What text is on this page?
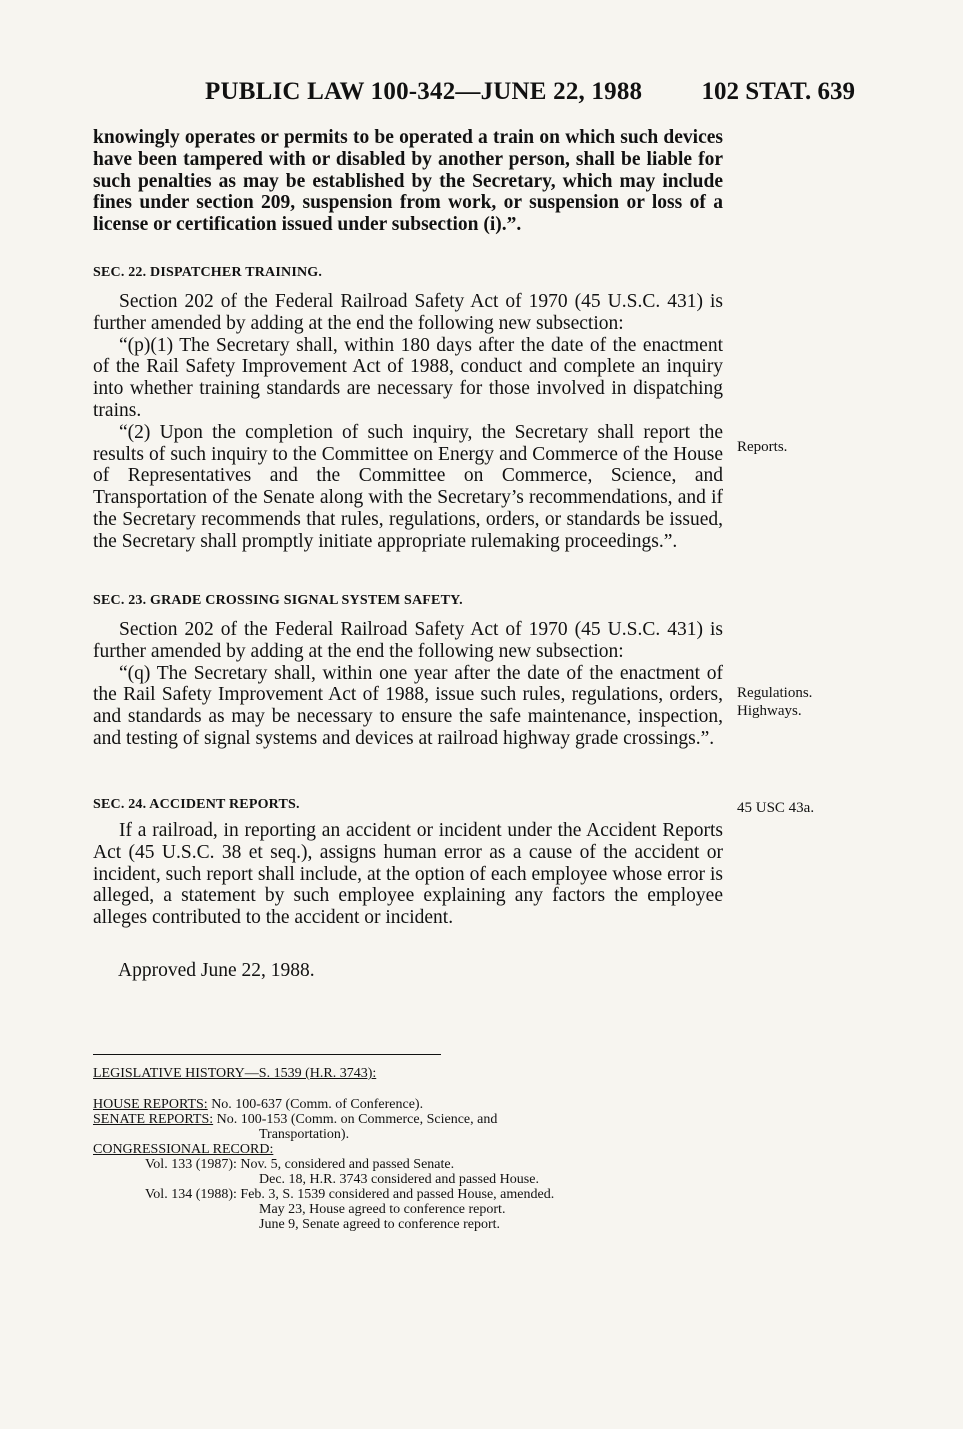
PUBLIC LAW 100-342—JUNE 22, 1988 102 STAT. 639

knowingly operates or permits to be operated a train on which such devices have been tampered with or disabled by another person, shall be liable for such penalties as may be established by the Secretary, which may include fines under section 209, suspension from work, or suspension or loss of a license or certification issued under subsection (i).”.

SEC. 22. DISPATCHER TRAINING.

Section 202 of the Federal Railroad Safety Act of 1970 (45 U.S.C. 431) is further amended by adding at the end the following new subsection:

“(p)(1) The Secretary shall, within 180 days after the date of the enactment of the Rail Safety Improvement Act of 1988, conduct and complete an inquiry into whether training standards are necessary for those involved in dispatching trains.

“(2) Upon the completion of such inquiry, the Secretary shall report the results of such inquiry to the Committee on Energy and Commerce of the House of Representatives and the Committee on Commerce, Science, and Transportation of the Senate along with the Secretary’s recommendations, and if the Secretary recommends that rules, regulations, orders, or standards be issued, the Secretary shall promptly initiate appropriate rulemaking proceedings.”.

SEC. 23. GRADE CROSSING SIGNAL SYSTEM SAFETY.

Section 202 of the Federal Railroad Safety Act of 1970 (45 U.S.C. 431) is further amended by adding at the end the following new subsection:

“(q) The Secretary shall, within one year after the date of the enactment of the Rail Safety Improvement Act of 1988, issue such rules, regulations, orders, and standards as may be necessary to ensure the safe maintenance, inspection, and testing of signal systems and devices at railroad highway grade crossings.”.

SEC. 24. ACCIDENT REPORTS.

If a railroad, in reporting an accident or incident under the Accident Reports Act (45 U.S.C. 38 et seq.), assigns human error as a cause of the accident or incident, such report shall include, at the option of each employee whose error is alleged, a statement by such employee explaining any factors the employee alleges contributed to the accident or incident.

Approved June 22, 1988.
Reports.
Regulations.
Highways.
45 USC 43a.
LEGISLATIVE HISTORY—S. 1539 (H.R. 3743):
HOUSE REPORTS: No. 100-637 (Comm. of Conference).
SENATE REPORTS: No. 100-153 (Comm. on Commerce, Science, and
Transportation).
CONGRESSIONAL RECORD:
Vol. 133 (1987): Nov. 5, considered and passed Senate.
Dec. 18, H.R. 3743 considered and passed House.
Vol. 134 (1988): Feb. 3, S. 1539 considered and passed House, amended.
May 23, House agreed to conference report.
June 9, Senate agreed to conference report.
